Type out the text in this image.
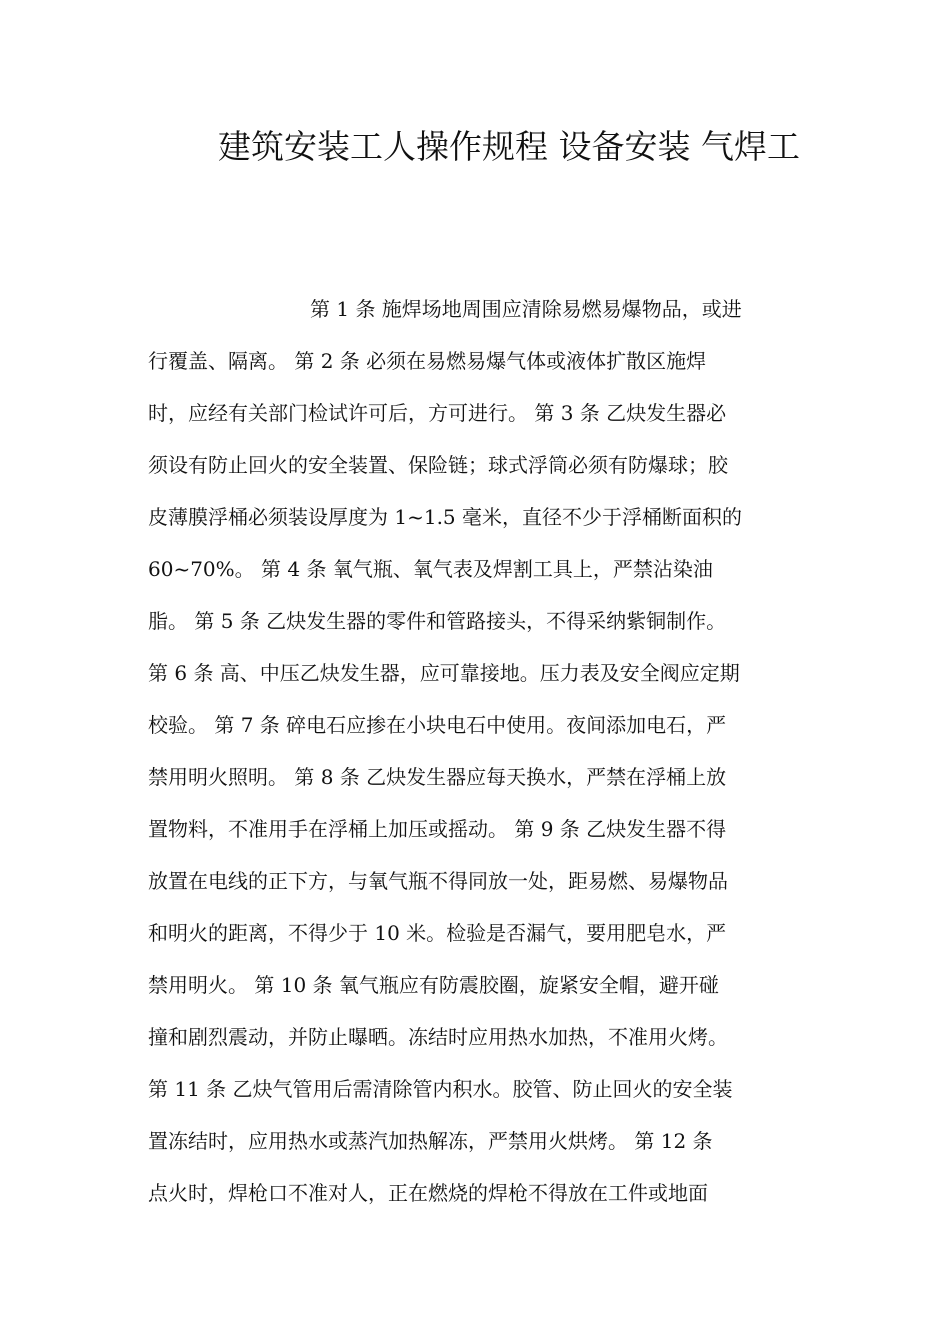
建筑安装工人操作规程 设备安装 气焊工
第 1 条 施焊场地周围应清除易燃易爆物品，或进
行覆盖、隔离。 第 2 条 必须在易燃易爆气体或液体扩散区施焊
时，应经有关部门检试许可后，方可进行。 第 3 条 乙炔发生器必
须设有防止回火的安全装置、保险链；球式浮筒必须有防爆球；胶
皮薄膜浮桶必须装设厚度为 1~1.5 毫米，直径不少于浮桶断面积的
60~70%。 第 4 条 氧气瓶、氧气表及焊割工具上，严禁沾染油
脂。 第 5 条 乙炔发生器的零件和管路接头，不得采纳紫铜制作。
第 6 条 高、中压乙炔发生器，应可靠接地。压力表及安全阀应定期
校验。 第 7 条 碎电石应掺在小块电石中使用。夜间添加电石，严
禁用明火照明。 第 8 条 乙炔发生器应每天换水，严禁在浮桶上放
置物料，不准用手在浮桶上加压或摇动。 第 9 条 乙炔发生器不得
放置在电线的正下方，与氧气瓶不得同放一处，距易燃、易爆物品
和明火的距离，不得少于 10 米。检验是否漏气，要用肥皂水，严
禁用明火。 第 10 条 氧气瓶应有防震胶圈，旋紧安全帽，避开碰
撞和剧烈震动，并防止曝晒。冻结时应用热水加热，不准用火烤。
第 11 条 乙炔气管用后需清除管内积水。胶管、防止回火的安全装
置冻结时，应用热水或蒸汽加热解冻，严禁用火烘烤。 第 12 条
点火时，焊枪口不准对人，正在燃烧的焊枪不得放在工件或地面
